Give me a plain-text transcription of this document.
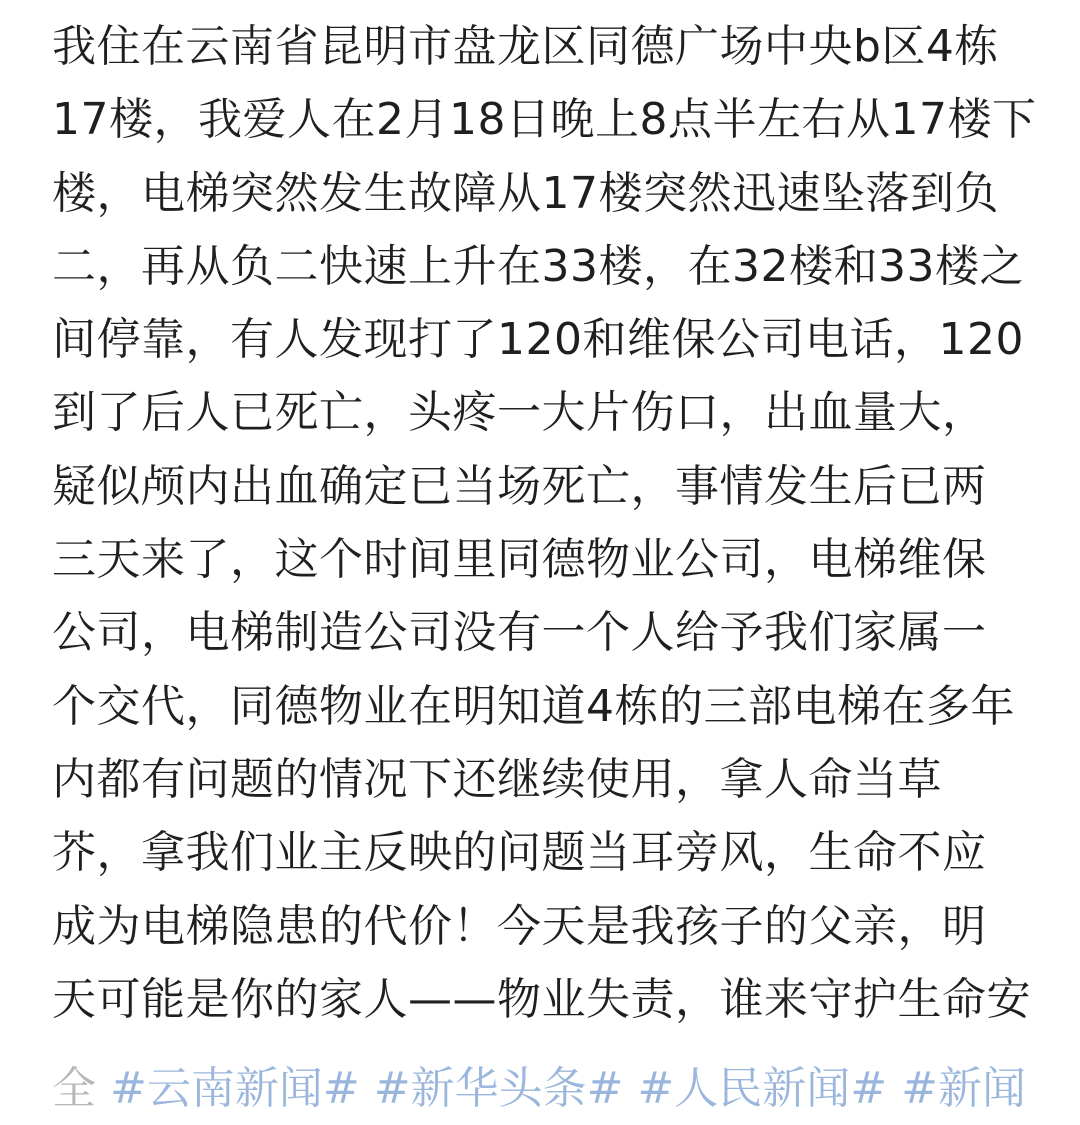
我住在云南省昆明市盘龙区同德广场中央b区4栋
17楼，我爱人在2月18日晚上8点半左右从17楼下
楼，电梯突然发生故障从17楼突然迅速坠落到负
二，再从负二快速上升在33楼，在32楼和33楼之
间停靠，有人发现打了120和维保公司电话，120
到了后人已死亡，头疼一大片伤口，出血量大，
疑似颅内出血确定已当场死亡，事情发生后已两
三天来了，这个时间里同德物业公司，电梯维保
公司，电梯制造公司没有一个人给予我们家属一
个交代，同德物业在明知道4栋的三部电梯在多年
内都有问题的情况下还继续使用，拿人命当草
芥，拿我们业主反映的问题当耳旁风，生命不应
成为电梯隐患的代价！今天是我孩子的父亲，明
天可能是你的家人——物业失责，谁来守护生命安
全 #云南新闻# #新华头条# #人民新闻# #新闻
